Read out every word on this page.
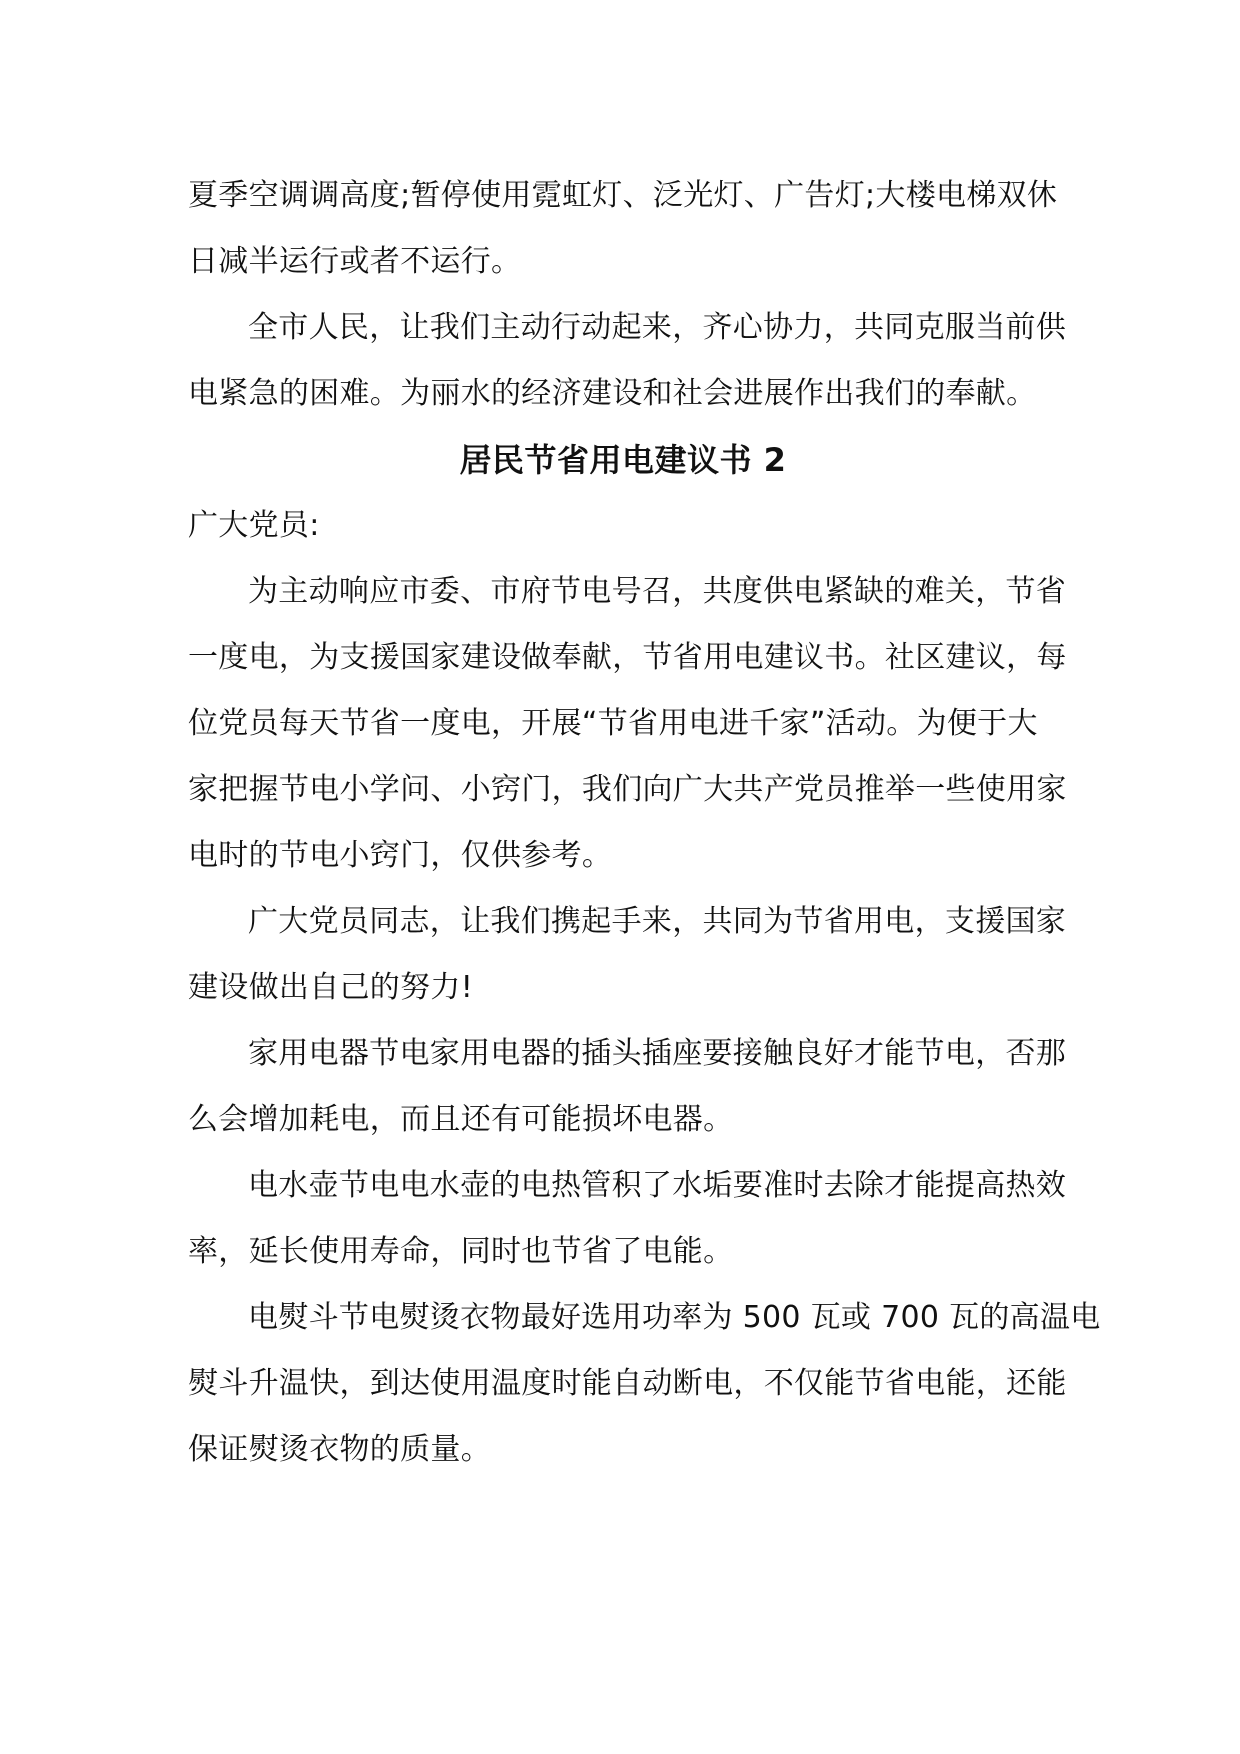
夏季空调调高度;暂停使用霓虹灯、泛光灯、广告灯;大楼电梯双休

日减半运行或者不运行。

全市人民，让我们主动行动起来，齐心协力，共同克服当前供

电紧急的困难。为丽水的经济建设和社会进展作出我们的奉献。

居民节省用电建议书 2

广大党员:

为主动响应市委、市府节电号召，共度供电紧缺的难关，节省

一度电，为支援国家建设做奉献，节省用电建议书。社区建议，每

位党员每天节省一度电，开展“节省用电进千家”活动。为便于大

家把握节电小学问、小窍门，我们向广大共产党员推举一些使用家

电时的节电小窍门，仅供参考。

广大党员同志，让我们携起手来，共同为节省用电，支援国家

建设做出自己的努力!

家用电器节电家用电器的插头插座要接触良好才能节电，否那

么会增加耗电，而且还有可能损坏电器。

电水壶节电电水壶的电热管积了水垢要准时去除才能提高热效

率，延长使用寿命，同时也节省了电能。

电熨斗节电熨烫衣物最好选用功率为 500 瓦或 700 瓦的高温电

熨斗升温快，到达使用温度时能自动断电，不仅能节省电能，还能

保证熨烫衣物的质量。
